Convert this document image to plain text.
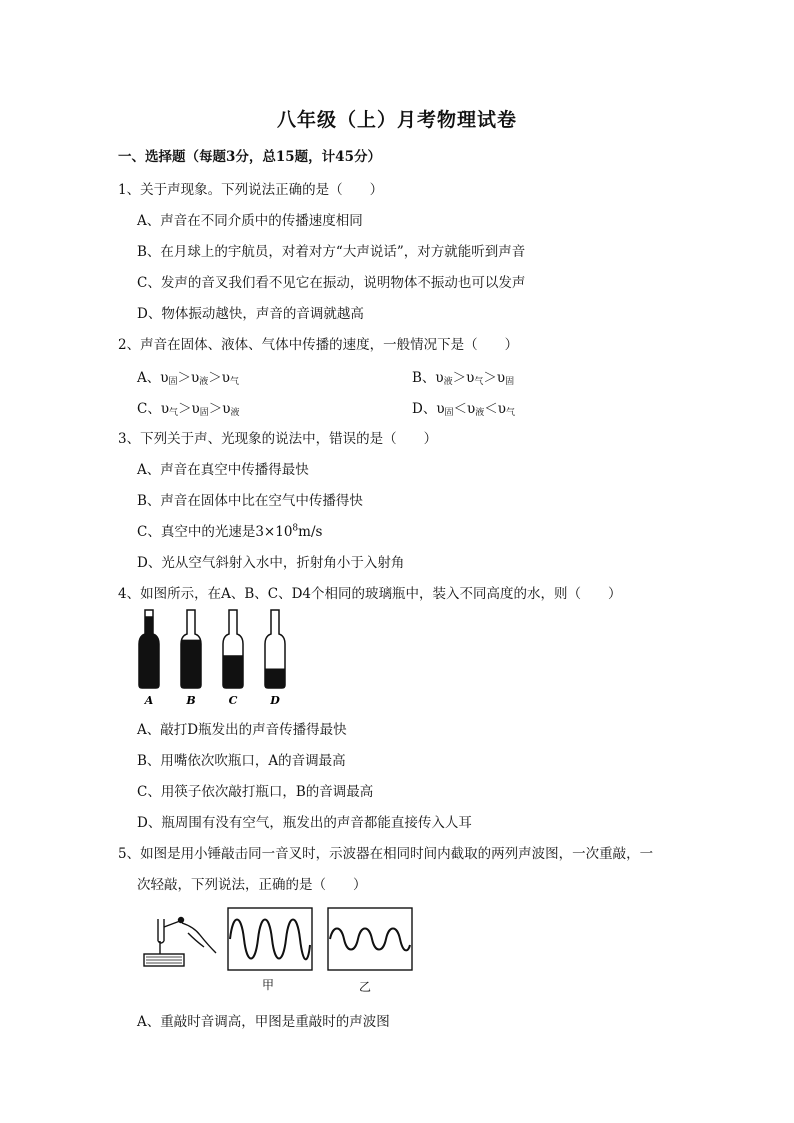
八年级（上）月考物理试卷
一、选择题（每题3分，总15题，计45分）
1、关于声现象。下列说法正确的是（　　）
A、声音在不同介质中的传播速度相同
B、在月球上的宇航员，对着对方“大声说话”，对方就能听到声音
C、发声的音叉我们看不见它在振动，说明物体不振动也可以发声
D、物体振动越快，声音的音调就越高
2、声音在固体、液体、气体中传播的速度，一般情况下是（　　）
A、$\upsilon_固>\upsilon_液>\upsilon_气$	B、$\upsilon_液>\upsilon_气>\upsilon_固$
C、$\upsilon_气>\upsilon_固>\upsilon_液$	D、$\upsilon_固<\upsilon_液<\upsilon_气$
3、下列关于声、光现象的说法中，错误的是（　　）
A、声音在真空中传播得最快
B、声音在固体中比在空气中传播得快
C、真空中的光速是$3\times 10^8m/s$
D、光从空气斜射入水中，折射角小于入射角
4、如图所示，在A、B、C、D4个相同的玻璃瓶中，装入不同高度的水，则（　　）
A	B	C	D
A、敲打D瓶发出的声音传播得最快
B、用嘴依次吹瓶口，A的音调最高
C、用筷子依次敲打瓶口，B的音调最高
D、瓶周围有没有空气，瓶发出的声音都能直接传入人耳
5、如图是用小锤敲击同一音叉时，示波器在相同时间内截取的两列声波图，一次重敲，一
次轻敲，下列说法，正确的是（　　）
甲	乙
A、重敲时音调高，甲图是重敲时的声波图
